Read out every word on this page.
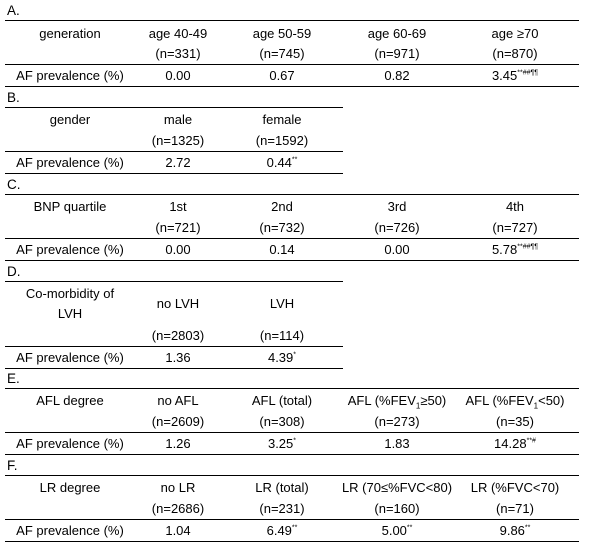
A.
generation	age 40-49	age 50-59	age 60-69	age ≥70
(n=331)	(n=745)	(n=971)	(n=870)
AF prevalence (%)	0.00	0.67	0.82	3.45**##¶¶
B.
gender	male	female
(n=1325)	(n=1592)
AF prevalence (%)	2.72	0.44**
C.
BNP quartile	1st	2nd	3rd	4th
(n=721)	(n=732)	(n=726)	(n=727)
AF prevalence (%)	0.00	0.14	0.00	5.78**##¶¶
D.
Co-morbidity of
LVH
no LVH	LVH
(n=2803)	(n=114)
AF prevalence (%)	1.36	4.39*
E.
AFL degree	no AFL	AFL (total)	AFL $(\%FEV_1\ge 50)$	AFL $(\%FEV_1<50)$
(n=2609)	(n=308)	(n=273)	(n=35)
AF prevalence (%)	1.26	3.25*	1.83	14.28**#
F.
LR degree	no LR	LR (total)	LR (70≤%FVC<80)	LR (%FVC<70)
(n=2686)	(n=231)	(n=160)	(n=71)
AF prevalence (%)	1.04	6.49**	5.00**	9.86**
